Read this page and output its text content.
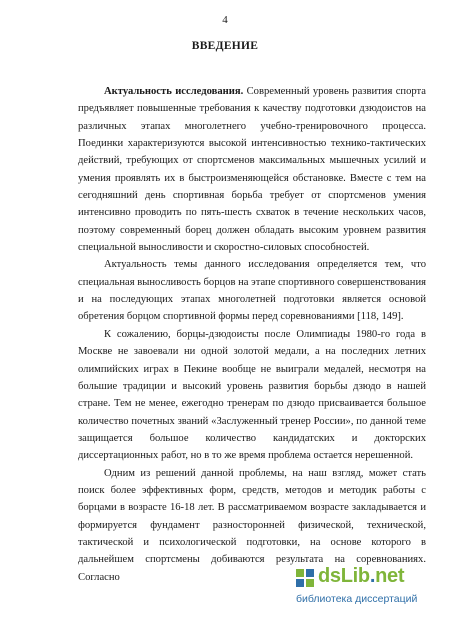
4
ВВЕДЕНИЕ

Актуальность исследования. Современный уровень развития спорта предъявляет повышенные требования к качеству подготовки дзюдоистов на различных этапах многолетнего учебно-тренировочного процесса. Поединки характеризуются высокой интенсивностью технико-тактических действий, требующих от спортсменов максимальных мышечных усилий и умения проявлять их в быстроизменяющейся обстановке. Вместе с тем на сегодняшний день спортивная борьба требует от спортсменов умения интенсивно проводить по пять-шесть схваток в течение нескольких часов, поэтому современный борец должен обладать высоким уровнем развития специальной выносливости и скоростно-силовых способностей.

Актуальность темы данного исследования определяется тем, что специальная выносливость борцов на этапе спортивного совершенствования и на последующих этапах многолетней подготовки является основой обретения борцом спортивной формы перед соревнованиями [118, 149].

К сожалению, борцы-дзюдоисты после Олимпиады 1980-го года в Москве не завоевали ни одной золотой медали, а на последних летних олимпийских играх в Пекине вообще не выиграли медалей, несмотря на большие традиции и высокий уровень развития борьбы дзюдо в нашей стране. Тем не менее, ежегодно тренерам по дзюдо присваивается большое количество почетных званий «Заслуженный тренер России», по данной теме защищается большое количество кандидатских и докторских диссертационных работ, но в то же время проблема остается нерешенной.

Одним из решений данной проблемы, на наш взгляд, может стать поиск более эффективных форм, средств, методов и методик работы с борцами в возрасте 16-18 лет. В рассматриваемом возрасте закладывается и формируется фундамент разносторонней физической, технической, тактической и психологической подготовки, на основе которого в дальнейшем спортсмены добиваются результата на соревнованиях. Согласно	dsLib.net
библиотека диссертаций
